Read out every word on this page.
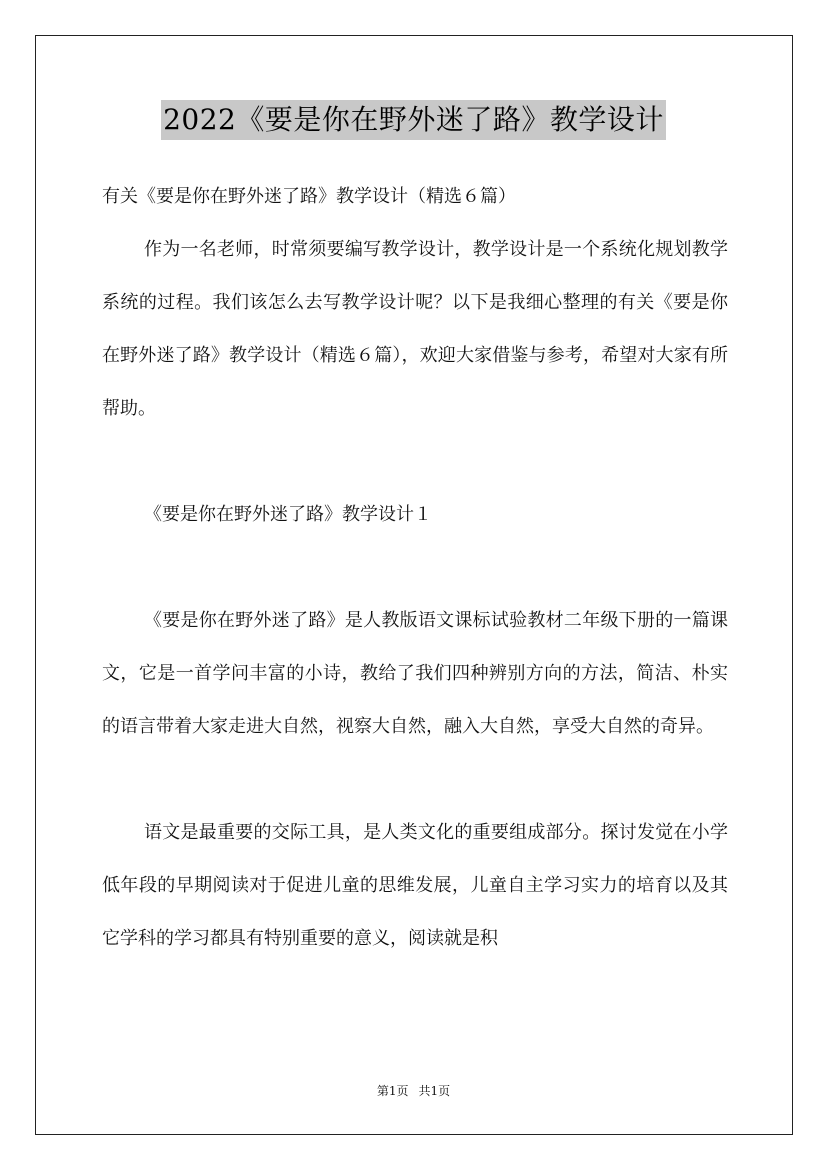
2022《要是你在野外迷了路》教学设计

有关《要是你在野外迷了路》教学设计（精选６篇）

作为一名老师，时常须要编写教学设计，教学设计是一个系统化规划教学系统的过程。我们该怎么去写教学设计呢？以下是我细心整理的有关《要是你在野外迷了路》教学设计（精选６篇），欢迎大家借鉴与参考，希望对大家有所帮助。

《要是你在野外迷了路》教学设计１

《要是你在野外迷了路》是人教版语文课标试验教材二年级下册的一篇课文，它是一首学问丰富的小诗，教给了我们四种辨别方向的方法，简洁、朴实的语言带着大家走进大自然，视察大自然，融入大自然，享受大自然的奇异。

语文是最重要的交际工具，是人类文化的重要组成部分。探讨发觉在小学低年段的早期阅读对于促进儿童的思维发展，儿童自主学习实力的培育以及其它学科的学习都具有特别重要的意义，阅读就是积

第1页 共1页
